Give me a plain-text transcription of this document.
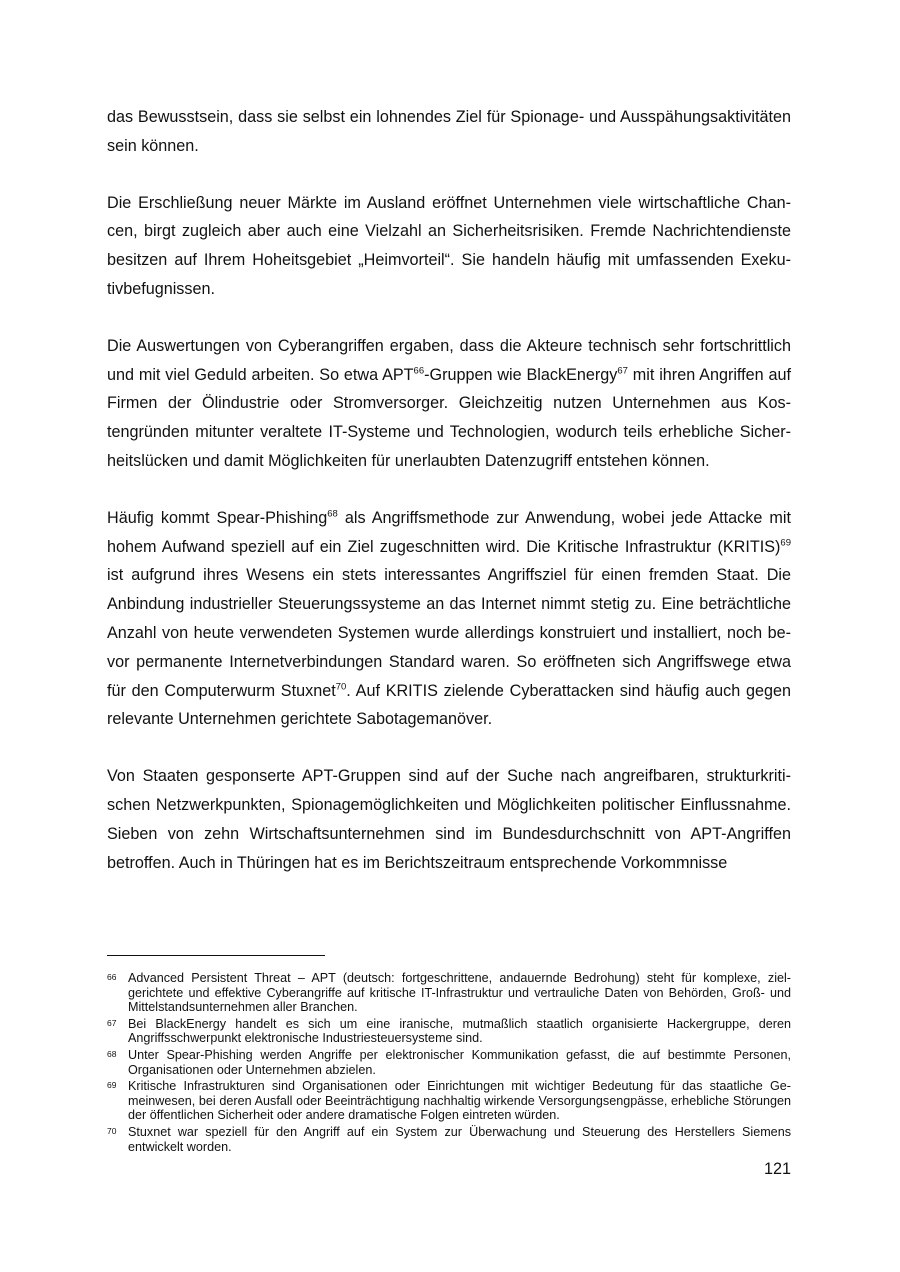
das Bewusstsein, dass sie selbst ein lohnendes Ziel für Spionage- und Ausspähungsaktivitäten sein können.

Die Erschließung neuer Märkte im Ausland eröffnet Unternehmen viele wirtschaftliche Chancen, birgt zugleich aber auch eine Vielzahl an Sicherheitsrisiken. Fremde Nachrichtendienste besitzen auf Ihrem Hoheitsgebiet „Heimvorteil“. Sie handeln häufig mit umfassenden Exekutivbefugnissen.

Die Auswertungen von Cyberangriffen ergaben, dass die Akteure technisch sehr fortschrittlich und mit viel Geduld arbeiten. So etwa APT$^{66}$-Gruppen wie BlackEnergy$^{67}$ mit ihren Angriffen auf Firmen der Ölindustrie oder Stromversorger. Gleichzeitig nutzen Unternehmen aus Kostengründen mitunter veraltete IT-Systeme und Technologien, wodurch teils erhebliche Sicherheitslücken und damit Möglichkeiten für unerlaubten Datenzugriff entstehen können.

Häufig kommt Spear-Phishing$^{68}$ als Angriffsmethode zur Anwendung, wobei jede Attacke mit hohem Aufwand speziell auf ein Ziel zugeschnitten wird. Die Kritische Infrastruktur (KRITIS)$^{69}$ ist aufgrund ihres Wesens ein stets interessantes Angriffsziel für einen fremden Staat. Die Anbindung industrieller Steuerungssysteme an das Internet nimmt stetig zu. Eine beträchtliche Anzahl von heute verwendeten Systemen wurde allerdings konstruiert und installiert, noch bevor permanente Internetverbindungen Standard waren. So eröffneten sich Angriffswege etwa für den Computerwurm Stuxnet$^{70}$. Auf KRITIS zielende Cyberattacken sind häufig auch gegen relevante Unternehmen gerichtete Sabotagemanöver.

Von Staaten gesponserte APT-Gruppen sind auf der Suche nach angreifbaren, strukturkritischen Netzwerkpunkten, Spionagemöglichkeiten und Möglichkeiten politischer Einflussnahme. Sieben von zehn Wirtschaftsunternehmen sind im Bundesdurchschnitt von APT-Angriffen betroffen. Auch in Thüringen hat es im Berichtszeitraum entsprechende Vorkommnisse

66 Advanced Persistent Threat – APT (deutsch: fortgeschrittene, andauernde Bedrohung) steht für komplexe, zielgerichtete und effektive Cyberangriffe auf kritische IT-Infrastruktur und vertrauliche Daten von Behörden, Groß- und Mittelstandsunternehmen aller Branchen.
67 Bei BlackEnergy handelt es sich um eine iranische, mutmaßlich staatlich organisierte Hackergruppe, deren Angriffsschwerpunkt elektronische Industriesteuersysteme sind.
68 Unter Spear-Phishing werden Angriffe per elektronischer Kommunikation gefasst, die auf bestimmte Personen, Organisationen oder Unternehmen abzielen.
69 Kritische Infrastrukturen sind Organisationen oder Einrichtungen mit wichtiger Bedeutung für das staatliche Gemeinwesen, bei deren Ausfall oder Beeinträchtigung nachhaltig wirkende Versorgungsengpässe, erhebliche Störungen der öffentlichen Sicherheit oder andere dramatische Folgen eintreten würden.
70 Stuxnet war speziell für den Angriff auf ein System zur Überwachung und Steuerung des Herstellers Siemens entwickelt worden.
121
